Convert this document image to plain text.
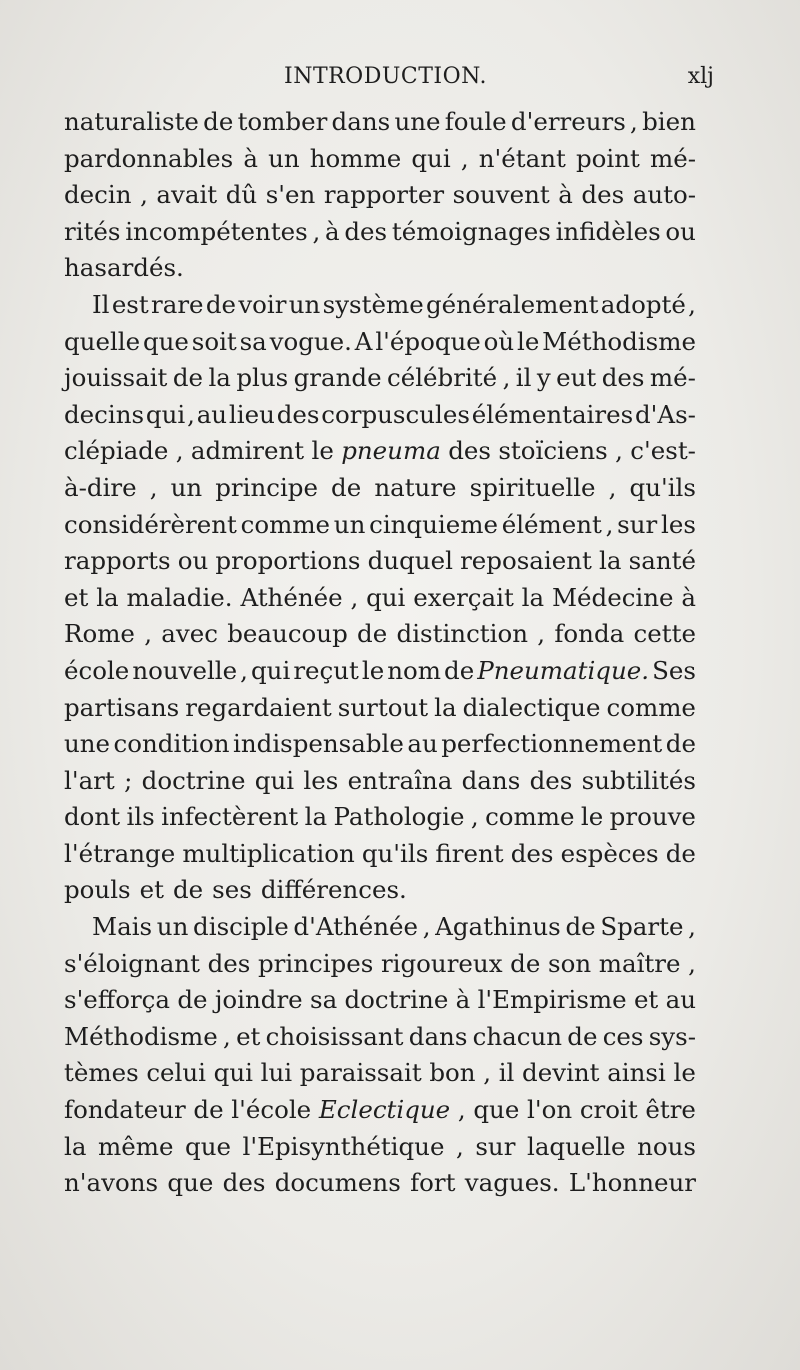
INTRODUCTION.	xlj
naturaliste de tomber dans une foule d'erreurs , bien
pardonnables à un homme qui , n'étant point mé-
decin , avait dû s'en rapporter souvent à des auto-
rités incompétentes , à des témoignages infidèles ou
hasardés.
Il est rare de voir un système généralement adopté ,
quelle que soit sa vogue. A l'époque où le Méthodisme
jouissait de la plus grande célébrité , il y eut des mé-
decins qui , au lieu des corpuscules élémentaires d'As-
clépiade , admirent le pneuma des stoïciens , c'est-
à-dire , un principe de nature spirituelle , qu'ils
considérèrent comme un cinquieme élément , sur les
rapports ou proportions duquel reposaient la santé
et la maladie. Athénée , qui exerçait la Médecine à
Rome , avec beaucoup de distinction , fonda cette
école nouvelle , qui reçut le nom de Pneumatique. Ses
partisans regardaient surtout la dialectique comme
une condition indispensable au perfectionnement de
l'art ; doctrine qui les entraîna dans des subtilités
dont ils infectèrent la Pathologie , comme le prouve
l'étrange multiplication qu'ils firent des espèces de
pouls et de ses différences.
Mais un disciple d'Athénée , Agathinus de Sparte ,
s'éloignant des principes rigoureux de son maître ,
s'efforça de joindre sa doctrine à l'Empirisme et au
Méthodisme , et choisissant dans chacun de ces sys-
tèmes celui qui lui paraissait bon , il devint ainsi le
fondateur de l'école Eclectique , que l'on croit être
la même que l'Episynthétique , sur laquelle nous
n'avons que des documens fort vagues. L'honneur
